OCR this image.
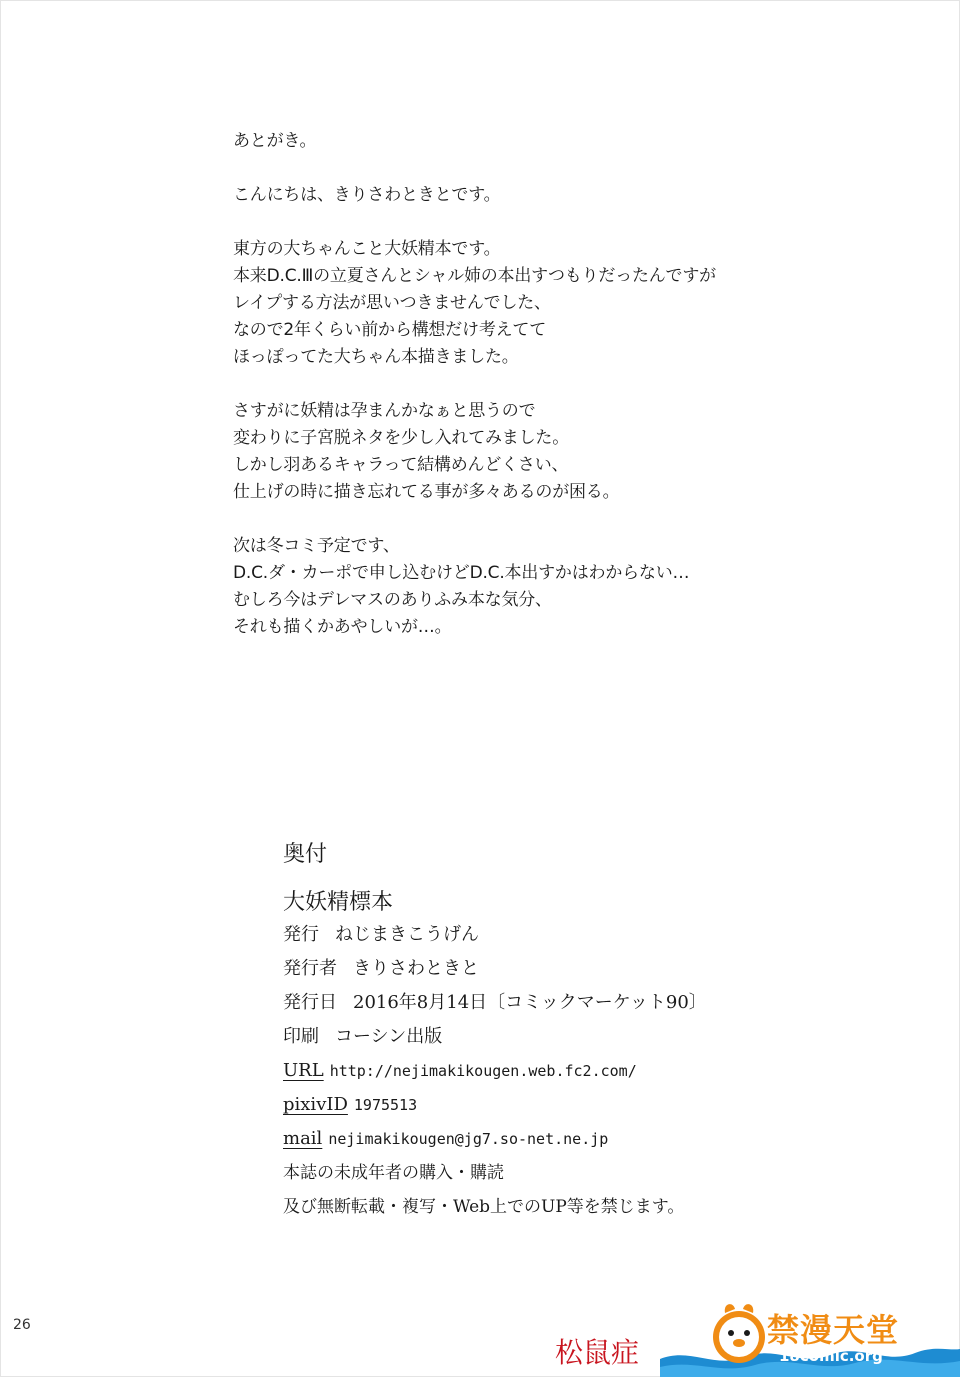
あとがき。
こんにちは、きりさわときとです。
東方の大ちゃんこと大妖精本です。
本来D.C.Ⅲの立夏さんとシャル姉の本出すつもりだったんですが
レイプする方法が思いつきませんでした、
なので2年くらい前から構想だけ考えてて
ほっぽってた大ちゃん本描きました。
さすがに妖精は孕まんかなぁと思うので
変わりに子宮脱ネタを少し入れてみました。
しかし羽あるキャラって結構めんどくさい、
仕上げの時に描き忘れてる事が多々あるのが困る。
次は冬コミ予定です、
D.C.ダ・カーポで申し込むけどD.C.本出すかはわからない…
むしろ今はデレマスのありふみ本な気分、
それも描くかあやしいが…。
奥付
大妖精標本
発行 ねじまきこうげん
発行者 きりさわときと
発行日 2016年8月14日〔コミックマーケット90〕
印刷 コーシン出版
URL http://nejimakikougen.web.fc2.com/
pixivID 1975513
mail nejimakikougen@jg7.so-net.ne.jp
本誌の未成年者の購入・購読
及び無断転載・複写・Web上でのUP等を禁じます。
26
松鼠症
禁漫天堂
18comic.org
